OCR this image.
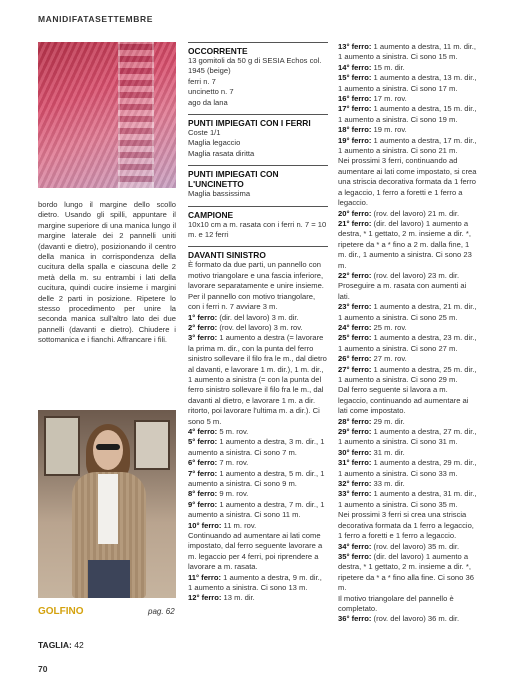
MANIDIFATASETTEMBRE
bordo lungo il margine dello scollo dietro. Usando gli spilli, appuntare il margine superiore di una manica lungo il margine laterale dei 2 pannelli uniti (davanti e dietro), posizionando il centro della manica in corrispondenza della cucitura della spalla e ciascuna delle 2 metà della m. su entrambi i lati della cucitura, quindi cucire insieme i margini delle 2 parti in posizione. Ripetere lo stesso procedimento per unire la seconda manica sull'altro lato dei due pannelli (davanti e dietro). Chiudere i sottomanica e i fianchi. Affrancare i fili.
GOLFINO	pag. 62
TAGLIA: 42
70
OCCORRENTE
13 gomitoli da 50 g di SESIA Echos col. 1945 (beige)
ferri n. 7
uncinetto n. 7
ago da lana
PUNTI IMPIEGATI CON I FERRI
Coste 1/1
Maglia legaccio
Maglia rasata diritta
PUNTI IMPIEGATI CON L'UNCINETTO
Maglia bassissima
CAMPIONE
10x10 cm a m. rasata con i ferri n. 7 = 10 m. e 12 ferri
DAVANTI SINISTRO
È formato da due parti, un pannello con motivo triangolare e una fascia inferiore, lavorare separatamente e unire insieme. Per il pannello con motivo triangolare, con i ferri n. 7 avviare 3 m.
1° ferro: (dir. del lavoro) 3 m. dir.
2° ferro: (rov. del lavoro) 3 m. rov.
3° ferro: 1 aumento a destra (= lavorare la prima m. dir., con la punta del ferro sinistro sollevare il filo fra le m., dal dietro al davanti, e lavorare 1 m. dir.), 1 m. dir., 1 aumento a sinistra (= con la punta del ferro sinistro sollevare il filo fra le m., dal davanti al dietro, e lavorare 1 m. a dir. ritorto, poi lavorare l'ultima m. a dir.). Ci sono 5 m.
4° ferro: 5 m. rov.
5° ferro: 1 aumento a destra, 3 m. dir., 1 aumento a sinistra. Ci sono 7 m.
6° ferro: 7 m. rov.
7° ferro: 1 aumento a destra, 5 m. dir., 1 aumento a sinistra. Ci sono 9 m.
8° ferro: 9 m. rov.
9° ferro: 1 aumento a destra, 7 m. dir., 1 aumento a sinistra. Ci sono 11 m.
10° ferro: 11 m. rov.
Continuando ad aumentare ai lati come impostato, dal ferro seguente lavorare a m. legaccio per 4 ferri, poi riprendere a lavorare a m. rasata.
11° ferro: 1 aumento a destra, 9 m. dir., 1 aumento a sinistra. Ci sono 13 m.
12° ferro: 13 m. dir.
13° ferro: 1 aumento a destra, 11 m. dir., 1 aumento a sinistra. Ci sono 15 m.
14° ferro: 15 m. dir.
15° ferro: 1 aumento a destra, 13 m. dir., 1 aumento a sinistra. Ci sono 17 m.
16° ferro: 17 m. rov.
17° ferro: 1 aumento a destra, 15 m. dir., 1 aumento a sinistra. Ci sono 19 m.
18° ferro: 19 m. rov.
19° ferro: 1 aumento a destra, 17 m. dir., 1 aumento a sinistra. Ci sono 21 m.
Nei prossimi 3 ferri, continuando ad aumentare ai lati come impostato, si crea una striscia decorativa formata da 1 ferro a legaccio, 1 ferro a foretti e 1 ferro a legaccio.
20° ferro: (rov. del lavoro) 21 m. dir.
21° ferro: (dir. del lavoro) 1 aumento a destra, * 1 gettato, 2 m. insieme a dir. *, ripetere da * a * fino a 2 m. dalla fine, 1 m. dir., 1 aumento a sinistra. Ci sono 23 m.
22° ferro: (rov. del lavoro) 23 m. dir.
Proseguire a m. rasata con aumenti ai lati.
23° ferro: 1 aumento a destra, 21 m. dir., 1 aumento a sinistra. Ci sono 25 m.
24° ferro: 25 m. rov.
25° ferro: 1 aumento a destra, 23 m. dir., 1 aumento a sinistra. Ci sono 27 m.
26° ferro: 27 m. rov.
27° ferro: 1 aumento a destra, 25 m. dir., 1 aumento a sinistra. Ci sono 29 m.
Dal ferro seguente si lavora a m. legaccio, continuando ad aumentare ai lati come impostato.
28° ferro: 29 m. dir.
29° ferro: 1 aumento a destra, 27 m. dir., 1 aumento a sinistra. Ci sono 31 m.
30° ferro: 31 m. dir.
31° ferro: 1 aumento a destra, 29 m. dir., 1 aumento a sinistra. Ci sono 33 m.
32° ferro: 33 m. dir.
33° ferro: 1 aumento a destra, 31 m. dir., 1 aumento a sinistra. Ci sono 35 m.
Nei prossimi 3 ferri si crea una striscia decorativa formata da 1 ferro a legaccio, 1 ferro a foretti e 1 ferro a legaccio.
34° ferro: (rov. del lavoro) 35 m. dir.
35° ferro: (dir. del lavoro) 1 aumento a destra, * 1 gettato, 2 m. insieme a dir. *, ripetere da * a * fino alla fine. Ci sono 36 m.
Il motivo triangolare del pannello è completato.
36° ferro: (rov. del lavoro) 36 m. dir.
